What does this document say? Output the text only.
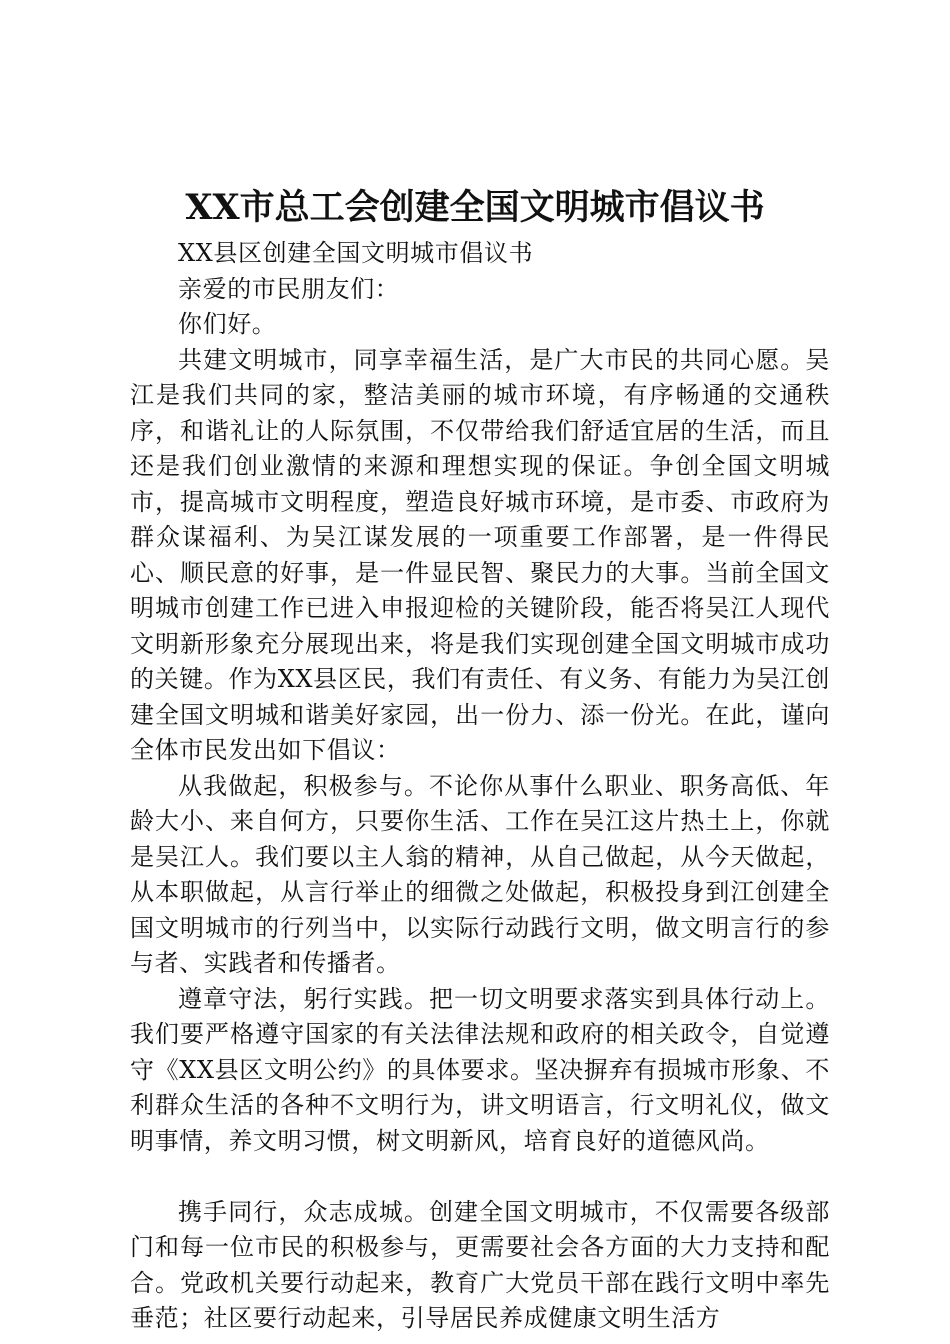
XX市总工会创建全国文明城市倡议书

XX县区创建全国文明城市倡议书

亲爱的市民朋友们：

你们好。

共建文明城市，同享幸福生活，是广大市民的共同心愿。吴江是我们共同的家，整洁美丽的城市环境，有序畅通的交通秩序，和谐礼让的人际氛围，不仅带给我们舒适宜居的生活，而且还是我们创业激情的来源和理想实现的保证。争创全国文明城市，提高城市文明程度，塑造良好城市环境，是市委、市政府为群众谋福利、为吴江谋发展的一项重要工作部署，是一件得民心、顺民意的好事，是一件显民智、聚民力的大事。当前全国文明城市创建工作已进入申报迎检的关键阶段，能否将吴江人现代文明新形象充分展现出来，将是我们实现创建全国文明城市成功的关键。作为XX县区民，我们有责任、有义务、有能力为吴江创建全国文明城和谐美好家园，出一份力、添一份光。在此，谨向全体市民发出如下倡议：

从我做起，积极参与。不论你从事什么职业、职务高低、年龄大小、来自何方，只要你生活、工作在吴江这片热土上，你就是吴江人。我们要以主人翁的精神，从自己做起，从今天做起，从本职做起，从言行举止的细微之处做起，积极投身到江创建全国文明城市的行列当中，以实际行动践行文明，做文明言行的参与者、实践者和传播者。

遵章守法，躬行实践。把一切文明要求落实到具体行动上。我们要严格遵守国家的有关法律法规和政府的相关政令，自觉遵守《XX县区文明公约》的具体要求。坚决摒弃有损城市形象、不利群众生活的各种不文明行为，讲文明语言，行文明礼仪，做文明事情，养文明习惯，树文明新风，培育良好的道德风尚。

携手同行，众志成城。创建全国文明城市，不仅需要各级部门和每一位市民的积极参与，更需要社会各方面的大力支持和配合。党政机关要行动起来，教育广大党员干部在践行文明中率先垂范；社区要行动起来，引导居民养成健康文明生活方
